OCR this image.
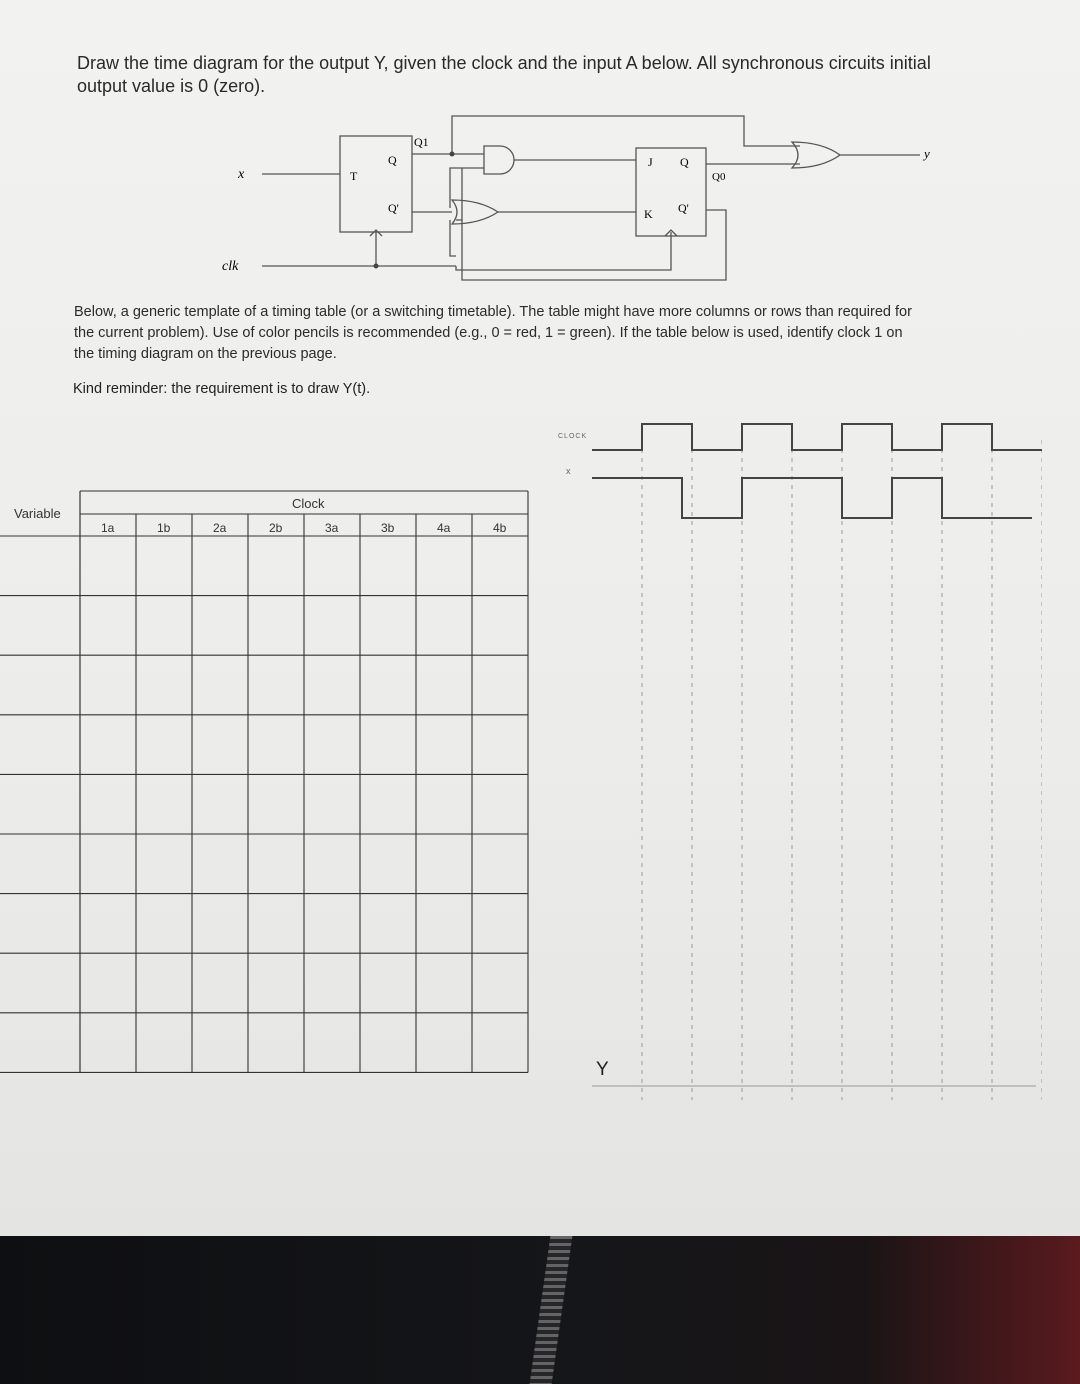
Draw the time diagram for the output Y, given the clock and the input A below. All synchronous circuits initial

output value is 0 (zero).

x
clk
T
Q
Q'
Q1
J Q
K Q'
Q0
y

Below, a generic template of a timing table (or a switching timetable). The table might have more columns or rows than required for

the current problem). Use of color pencils is recommended (e.g., 0 = red, 1 = green). If the table below is used, identify clock 1 on

the timing diagram on the previous page.

Kind reminder: the requirement is to draw Y(t).
Variable
Clock
1a	1b	2a	2b	3a	3b	4a	4b
x
CLOCK
Y
